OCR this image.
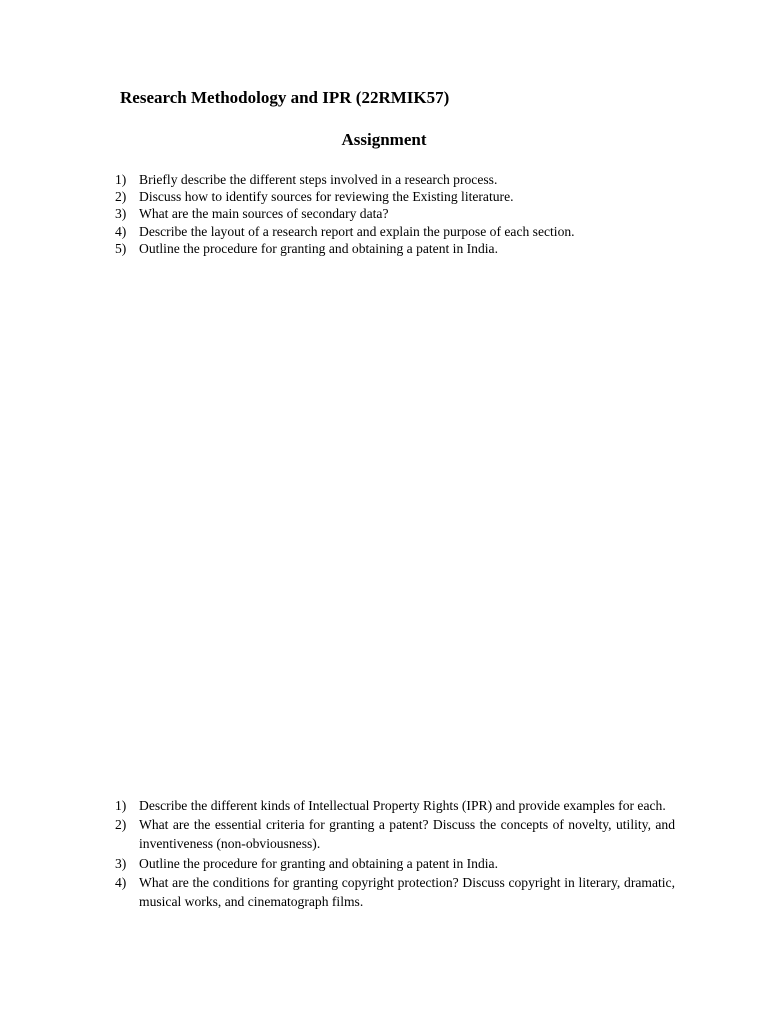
Research Methodology and IPR (22RMIK57)
Assignment
1) Briefly describe the different steps involved in a research process.
2) Discuss how to identify sources for reviewing the Existing literature.
3) What are the main sources of secondary data?
4) Describe the layout of a research report and explain the purpose of each section.
5) Outline the procedure for granting and obtaining a patent in India.
1) Describe the different kinds of Intellectual Property Rights (IPR) and provide examples for each.
2) What are the essential criteria for granting a patent? Discuss the concepts of novelty, utility, and inventiveness (non-obviousness).
3) Outline the procedure for granting and obtaining a patent in India.
4) What are the conditions for granting copyright protection? Discuss copyright in literary, dramatic, musical works, and cinematograph films.
